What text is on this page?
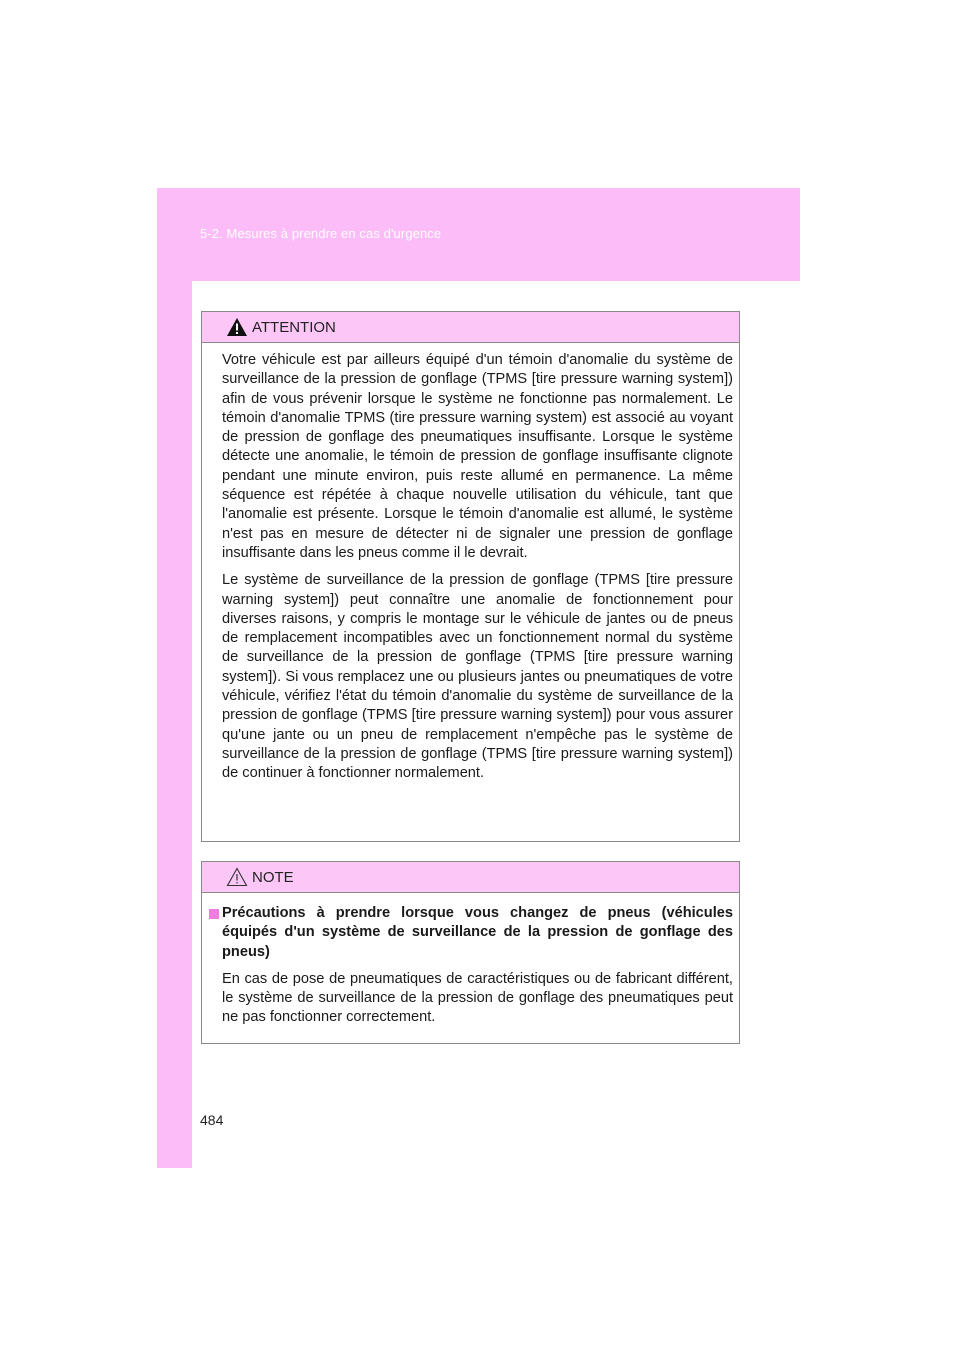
5-2. Mesures à prendre en cas d'urgence
ATTENTION

Votre véhicule est par ailleurs équipé d'un témoin d'anomalie du système de surveillance de la pression de gonflage (TPMS [tire pressure warning system]) afin de vous prévenir lorsque le système ne fonctionne pas normalement. Le témoin d'anomalie TPMS (tire pressure warning system) est associé au voyant de pression de gonflage des pneumatiques insuffisante. Lorsque le système détecte une anomalie, le témoin de pression de gonflage insuffisante clignote pendant une minute environ, puis reste allumé en permanence. La même séquence est répétée à chaque nouvelle utilisation du véhicule, tant que l'anomalie est présente. Lorsque le témoin d'anomalie est allumé, le système n'est pas en mesure de détecter ni de signaler une pression de gonflage insuffisante dans les pneus comme il le devrait.

Le système de surveillance de la pression de gonflage (TPMS [tire pressure warning system]) peut connaître une anomalie de fonctionnement pour diverses raisons, y compris le montage sur le véhicule de jantes ou de pneus de remplacement incompatibles avec un fonctionnement normal du système de surveillance de la pression de gonflage (TPMS [tire pressure warning system]). Si vous remplacez une ou plusieurs jantes ou pneumatiques de votre véhicule, vérifiez l'état du témoin d'anomalie du système de surveillance de la pression de gonflage (TPMS [tire pressure warning system]) pour vous assurer qu'une jante ou un pneu de remplacement n'empêche pas le système de surveillance de la pression de gonflage (TPMS [tire pressure warning system]) de continuer à fonctionner normalement.

NOTE

Précautions à prendre lorsque vous changez de pneus (véhicules équipés d'un système de surveillance de la pression de gonflage des pneus)

En cas de pose de pneumatiques de caractéristiques ou de fabricant différent, le système de surveillance de la pression de gonflage des pneumatiques peut ne pas fonctionner correctement.

484
